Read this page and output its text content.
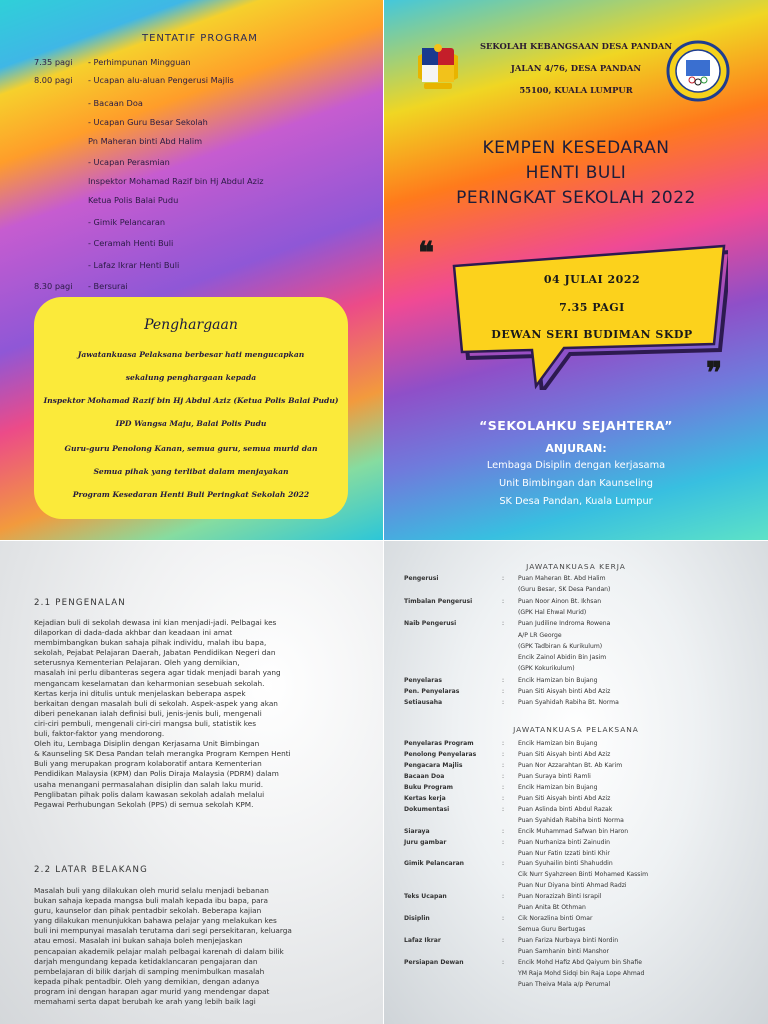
TENTATIF PROGRAM
7.35 pagi - Perhimpunan Mingguan
8.00 pagi - Ucapan alu-aluan Pengerusi Majlis
- Bacaan Doa
- Ucapan Guru Besar Sekolah
Pn Maheran binti Abd Halim
- Ucapan Perasmian
Inspektor Mohamad Razif bin Hj Abdul Aziz
Ketua Polis Balai Pudu
- Gimik Pelancaran
- Ceramah Henti Buli
- Lafaz Ikrar Henti Buli
8.30 pagi - Bersurai
Penghargaan
Jawatankuasa Pelaksana berbesar hati mengucapkan
sekalung penghargaan kepada
Inspektor Mohamad Razif bin Hj Abdul Aziz (Ketua Polis Balai Pudu)
IPD Wangsa Maju, Balai Polis Pudu
Guru-guru Penolong Kanan, semua guru, semua murid dan
Semua pihak yang terlibat dalam menjayakan
Program Kesedaran Henti Buli Peringkat Sekolah 2022
SEKOLAH KEBANGSAAN DESA PANDAN
JALAN 4/76, DESA PANDAN
55100, KUALA LUMPUR
KEMPEN KESEDARAN
HENTI BULI
PERINGKAT SEKOLAH 2022
❝
❞
04 JULAI 2022
7.35 PAGI
DEWAN SERI BUDIMAN SKDP
“SEKOLAHKU SEJAHTERA”
ANJURAN:
Lembaga Disiplin dengan kerjasama
Unit Bimbingan dan Kaunseling
SK Desa Pandan, Kuala Lumpur
2.1 PENGENALAN
Kejadian buli di sekolah dewasa ini kian menjadi-jadi. Pelbagai kes
dilaporkan di dada-dada akhbar dan keadaan ini amat
membimbangkan bukan sahaja pihak individu, malah ibu bapa,
sekolah, Pejabat Pelajaran Daerah, Jabatan Pendidikan Negeri dan
seterusnya Kementerian Pelajaran. Oleh yang demikian,
masalah ini perlu dibanteras segera agar tidak menjadi barah yang
mengancam keselamatan dan keharmonian sesebuah sekolah.
Kertas kerja ini ditulis untuk menjelaskan beberapa aspek
berkaitan dengan masalah buli di sekolah. Aspek-aspek yang akan
diberi penekanan ialah definisi buli, jenis-jenis buli, mengenali
ciri-ciri pembuli, mengenali ciri-ciri mangsa buli, statistik kes
buli, faktor-faktor yang mendorong.
Oleh itu, Lembaga Disiplin dengan Kerjasama Unit Bimbingan
& Kaunseling SK Desa Pandan telah merangka Program Kempen Henti
Buli yang merupakan program kolaboratif antara Kementerian
Pendidikan Malaysia (KPM) dan Polis Diraja Malaysia (PDRM) dalam
usaha menangani permasalahan disiplin dan salah laku murid.
Penglibatan pihak polis dalam kawasan sekolah adalah melalui
Pegawai Perhubungan Sekolah (PPS) di semua sekolah KPM.
2.2 LATAR BELAKANG
Masalah buli yang dilakukan oleh murid selalu menjadi bebanan
bukan sahaja kepada mangsa buli malah kepada ibu bapa, para
guru, kaunselor dan pihak pentadbir sekolah. Beberapa kajian
yang dilakukan menunjukkan bahawa pelajar yang melakukan kes
buli ini mempunyai masalah terutama dari segi persekitaran, keluarga
atau emosi. Masalah ini bukan sahaja boleh menjejaskan
pencapaian akademik pelajar malah pelbagai karenah di dalam bilik
darjah mengundang kepada ketidaklancaran pengajaran dan
pembelajaran di bilik darjah di samping menimbulkan masalah
kepada pihak pentadbir. Oleh yang demikian, dengan adanya
program ini dengan harapan agar murid yang mendengar dapat
memahami serta dapat berubah ke arah yang lebih baik lagi
JAWATANKUASA KERJA
Pengerusi	: Puan Maheran Bt. Abd Halim
(Guru Besar, SK Desa Pandan)
Timbalan Pengerusi	: Puan Noor Ainon Bt. Ikhsan
(GPK Hal Ehwal Murid)
Naib Pengerusi	: Puan Judiline Indroma Rowena
A/P LR George
(GPK Tadbiran & Kurikulum)
Encik Zainol Abidin Bin Jasim
(GPK Kokurikulum)
Penyelaras	: Encik Hamizan bin Bujang
Pen. Penyelaras	: Puan Siti Aisyah binti Abd Aziz
Setiausaha	: Puan Syahidah Rabiha Bt. Norma
JAWATANKUASA PELAKSANA
Penyelaras Program	: Encik Hamizan bin Bujang
Penolong Penyelaras	: Puan Siti Aisyah binti Abd Aziz
Pengacara Majlis	: Puan Nor Azzarahtan Bt. Ab Karim
Bacaan Doa	: Puan Suraya binti Ramli
Buku Program	: Encik Hamizan bin Bujang
Kertas kerja	: Puan Siti Aisyah binti Abd Aziz
Dokumentasi	: Puan Aslinda binti Abdul Razak
Puan Syahidah Rabiha binti Norma
Siaraya	: Encik Muhammad Safwan bin Haron
Juru gambar	: Puan Nurhaniza binti Zainudin
Puan Nur Fatin Izzati binti Khir
Gimik Pelancaran	: Puan Syuhailin binti Shahuddin
Cik Nurr Syahzreen Binti Mohamed Kassim
Puan Nur Diyana binti Ahmad Radzi
Teks Ucapan	: Puan Norazizah Binti Israpil
Puan Anita Bt Othman
Disiplin	: Cik Norazlina binti Omar
Semua Guru Bertugas
Lafaz Ikrar	: Puan Fariza Nurbaya binti Nordin
Puan Samhanin binti Manshor
Persiapan Dewan	: Encik Mohd Hafiz Abd Qaiyum bin Shafie
YM Raja Mohd Sidqi bin Raja Lope Ahmad
Puan Theiva Mala a/p Perumal
